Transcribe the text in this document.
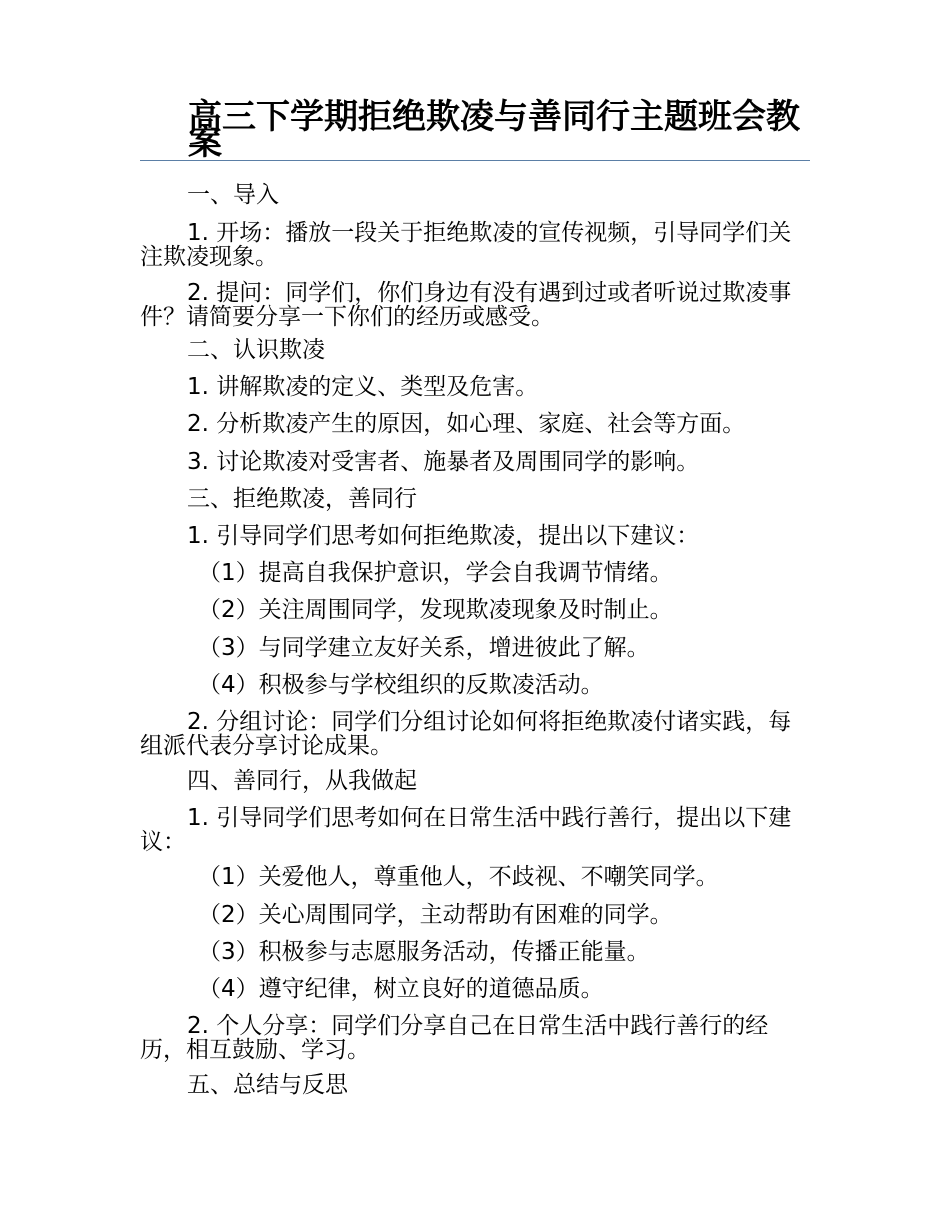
高三下学期拒绝欺凌与善同行主题班会教案

一、导入

1. 开场：播放一段关于拒绝欺凌的宣传视频，引导同学们关注欺凌现象。

2. 提问：同学们，你们身边有没有遇到过或者听说过欺凌事件？请简要分享一下你们的经历或感受。

二、认识欺凌

1. 讲解欺凌的定义、类型及危害。

2. 分析欺凌产生的原因，如心理、家庭、社会等方面。

3. 讨论欺凌对受害者、施暴者及周围同学的影响。

三、拒绝欺凌，善同行

1. 引导同学们思考如何拒绝欺凌，提出以下建议：

（1）提高自我保护意识，学会自我调节情绪。

（2）关注周围同学，发现欺凌现象及时制止。

（3）与同学建立友好关系，增进彼此了解。

（4）积极参与学校组织的反欺凌活动。

2. 分组讨论：同学们分组讨论如何将拒绝欺凌付诸实践，每组派代表分享讨论成果。

四、善同行，从我做起

1. 引导同学们思考如何在日常生活中践行善行，提出以下建议：

（1）关爱他人，尊重他人，不歧视、不嘲笑同学。

（2）关心周围同学，主动帮助有困难的同学。

（3）积极参与志愿服务活动，传播正能量。

（4）遵守纪律，树立良好的道德品质。

2. 个人分享：同学们分享自己在日常生活中践行善行的经历，相互鼓励、学习。

五、总结与反思
